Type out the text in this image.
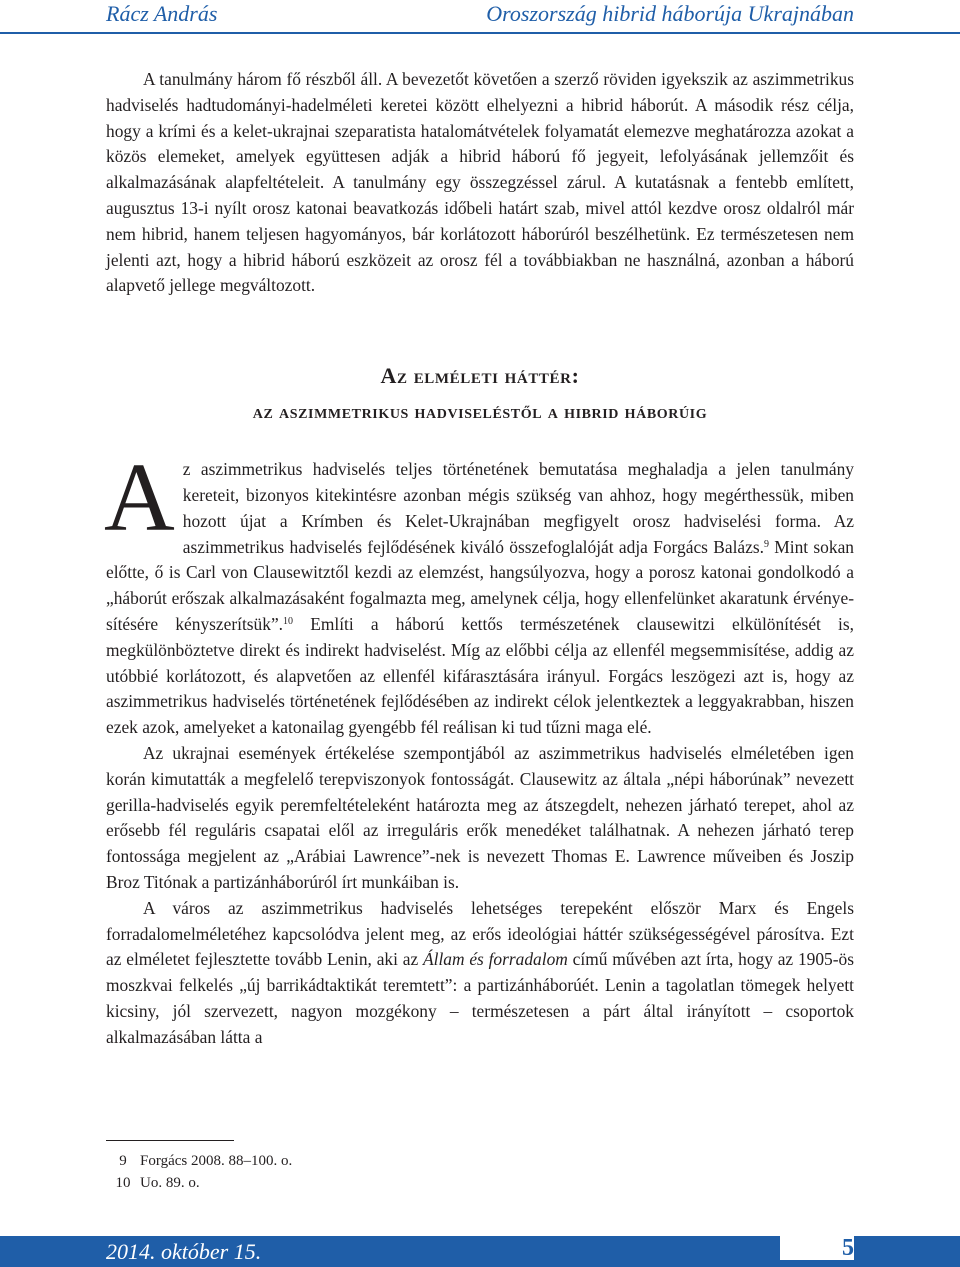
Rácz András	Oroszország hibrid háborúja Ukrajnában

A tanulmány három fő részből áll. A bevezetőt követően a szerző röviden igyekszik az aszimmetrikus hadviselés hadtudományi-hadelméleti keretei között elhelyezni a hibrid háborút. A második rész célja, hogy a krími és a kelet-ukrajnai szeparatista hatalomátvételek folyamatát elemezve meghatározza azokat a közös elemeket, amelyek együttesen adják a hibrid háború fő jegyeit, lefolyásának jellemzőit és alkalmazásának alapfeltételeit. A tanulmány egy összegzéssel zárul. A kutatásnak a fentebb említett, augusztus 13-i nyílt orosz katonai beavatkozás időbeli határt szab, mivel attól kezdve orosz oldalról már nem hibrid, hanem teljesen hagyományos, bár korlátozott háborúról beszélhetünk. Ez természetesen nem jelenti azt, hogy a hibrid háború eszközeit az orosz fél a továbbiakban ne használná, azonban a háború alapvető jellege megváltozott.

Az elméleti háttér:
az aszimmetrikus hadviseléstől a hibrid háborúig

Az aszimmetrikus hadviselés teljes történetének bemutatása meghaladja a jelen tanulmány kereteit, bizonyos kitekintésre azonban mégis szükség van ahhoz, hogy megérthessük, miben hozott újat a Krímben és Kelet-Ukrajnában megfigyelt orosz hadviselési forma. Az aszimmetrikus hadviselés fejlődésének kiváló összefoglalóját adja Forgács Balázs.$^9$ Mint sokan előtte, ő is Carl von Clausewitztől kezdi az elemzést, hangsúlyozva, hogy a porosz katonai gondolkodó a „háborút erőszak alkalmazásaként fogalmazta meg, amelynek célja, hogy ellenfelünket akaratunk érvényesítésére kényszerítsük”.$^{10}$ Említi a háború kettős természetének clausewitzi elkülönítését is, megkülönböztetve direkt és indirekt hadviselést. Míg az előbbi célja az ellenfél megsemmisítése, addig az utóbbié korlátozott, és alapvetően az ellenfél kifárasztására irányul. Forgács leszögezi azt is, hogy az aszimmetrikus hadviselés történetének fejlődésében az indirekt célok jelentkeztek a leggyakrabban, hiszen ezek azok, amelyeket a katonailag gyengébb fél reálisan ki tud tűzni maga elé.

Az ukrajnai események értékelése szempontjából az aszimmetrikus hadviselés elméletében igen korán kimutatták a megfelelő terepviszonyok fontosságát. Clausewitz az általa „népi háborúnak” nevezett gerilla-hadviselés egyik peremfeltételeként határozta meg az átszegdelt, nehezen járható terepet, ahol az erősebb fél reguláris csapatai elől az irreguláris erők menedéket találhatnak. A nehezen járható terep fontossága megjelent az „Arábiai Lawrence”-nek is nevezett Thomas E. Lawrence műveiben és Joszip Broz Titónak a partizánháborúról írt munkáiban is.

A város az aszimmetrikus hadviselés lehetséges terepeként először Marx és Engels forradalomelméletéhez kapcsolódva jelent meg, az erős ideológiai háttér szükségességével párosítva. Ezt az elméletet fejlesztette tovább Lenin, aki az Állam és forradalom című művében azt írta, hogy az 1905-ös moszkvai felkelés „új barrikádtaktikát teremtett”: a partizánháborúét. Lenin a tagolatlan tömegek helyett kicsiny, jól szervezett, nagyon mozgékony – természetesen a párt által irányított – csoportok alkalmazásában látta a

9 Forgács 2008. 88–100. o.
10 Uo. 89. o.
2014. október 15.	5
